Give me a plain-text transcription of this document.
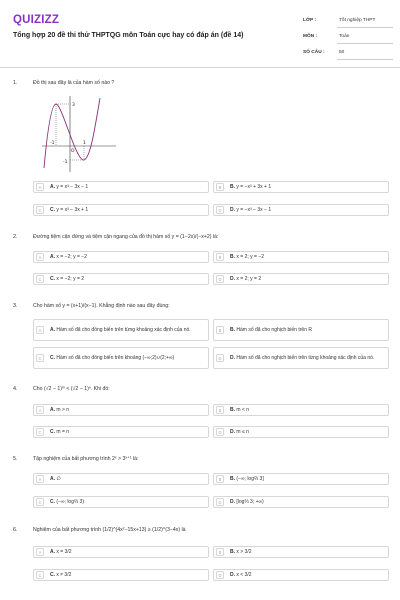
QUIZIZZ
Tổng hợp 20 đề thi thử THPTQG môn Toán cực hay có đáp án (đề 14)
LỚP :	Tốt nghiệp THPT
MÔN :	Toán
SỐ CÂU :	50
1.	Đồ thị sau đây là của hàm số nào ?
3
-1	1
O
-1
A	A. y = x³ − 3x − 1	B	B. y = −x³ + 3x + 1
C	C. y = x³ − 3x + 1	D	D. y = −x³ − 3x − 1
2.	Đường tiệm cận đứng và tiệm cận ngang của đồ thị hàm số y = (1−2x)/(−x+2) là:
A	A. x = −2; y = −2	B	B. x = 2; y = −2
C	C. x = −2; y = 2	D	D. x = 2; y = 2
3.	Cho hàm số y = (x+1)/(x−1). Khẳng định nào sau đây đúng:
A	A. Hàm số đã cho đồng biến trên từng khoảng xác định của nó.	B	B. Hàm số đã cho nghịch biến trên R
C	C. Hàm số đã cho đồng biến trên khoảng (−∞;2)∪(2;+∞)	D	D. Hàm số đã cho nghịch biến trên từng khoảng xác định của nó.
4.	Cho (√2 − 1)ᵐ < (√2 − 1)ⁿ. Khi đó:
A	A. m > n	B	B. m < n
C	C. m = n	D	D. m ≤ n
5.	Tập nghiệm của bất phương trình 2ˣ > 3ˣ⁺¹ là:
A	A. ∅	B	B. (−∞; log⅔ 3]
C	C. (−∞; log⅔ 3)	D	D. [log⅔ 3; +∞)
6.	Nghiệm của bất phương trình (1/2)^(4x²−15x+13) ≥ (1/2)^(3−4x) là
A	A. x = 3/2	B	B. x > 3/2
C	C. x ≠ 3/2	D	D. x < 3/2
